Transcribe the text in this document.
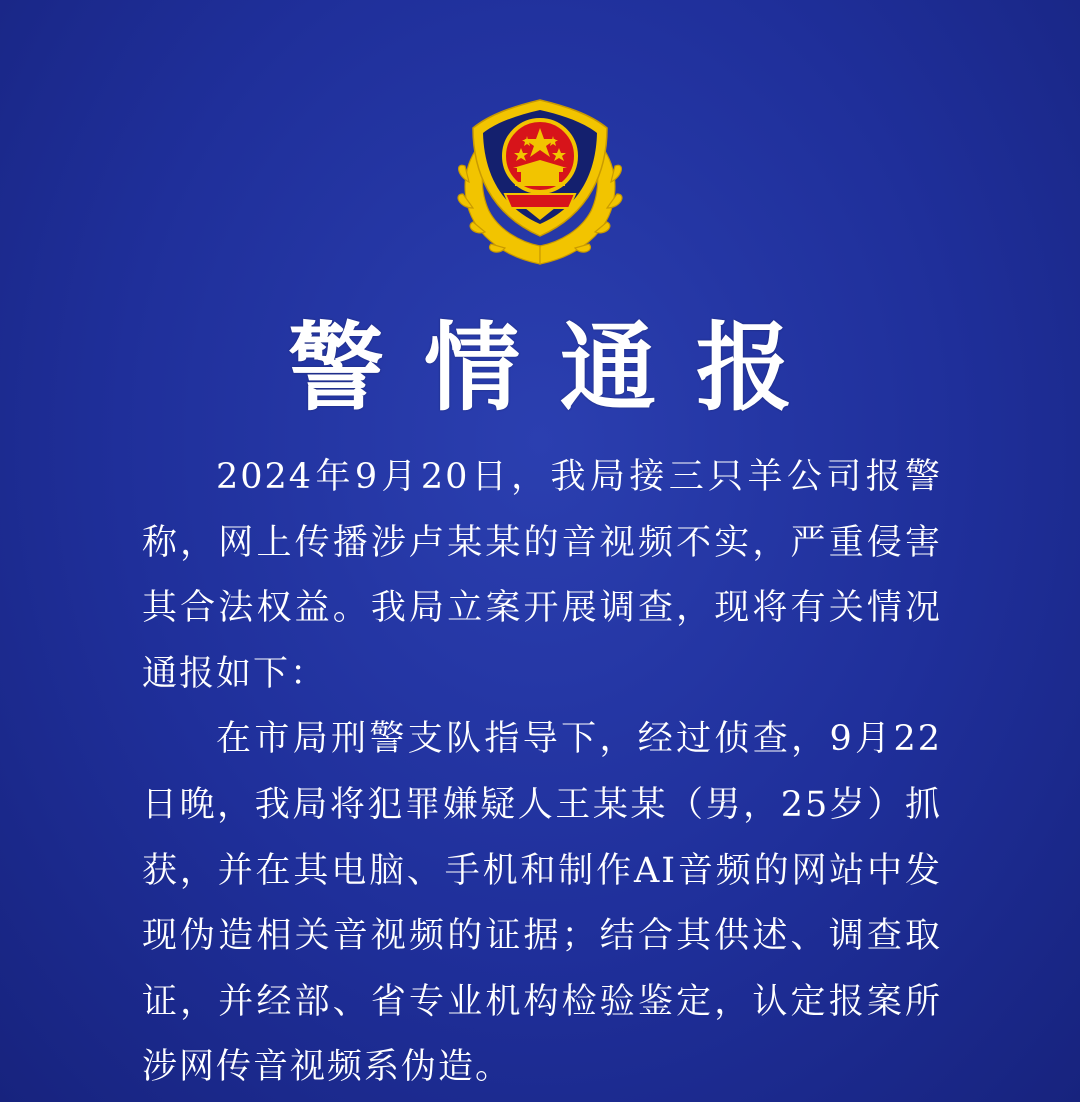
警情通报

2024年9月20日，我局接三只羊公司报警称，网上传播涉卢某某的音视频不实，严重侵害其合法权益。我局立案开展调查，现将有关情况通报如下：

在市局刑警支队指导下，经过侦查，9月22日晚，我局将犯罪嫌疑人王某某（男，25岁）抓获，并在其电脑、手机和制作AI音频的网站中发现伪造相关音视频的证据；结合其供述、调查取证，并经部、省专业机构检验鉴定，认定报案所涉网传音视频系伪造。
